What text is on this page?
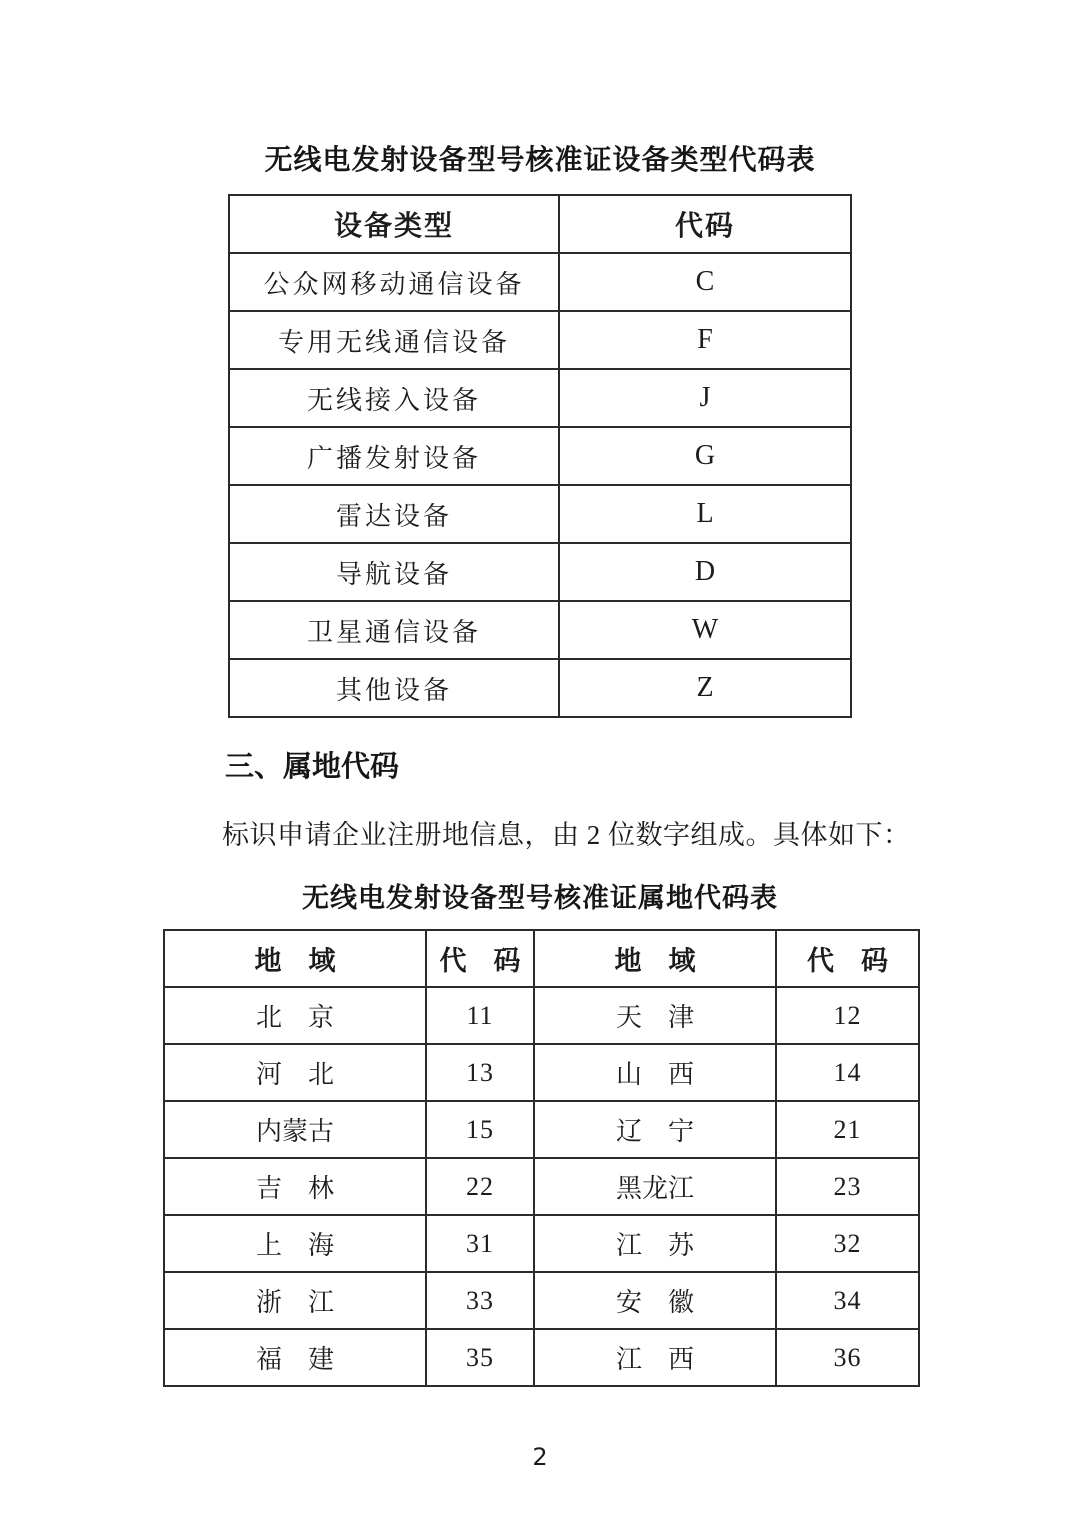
无线电发射设备型号核准证设备类型代码表
设备类型	代码
公众网移动通信设备	C
专用无线通信设备	F
无线接入设备	J
广播发射设备	G
雷达设备	L
导航设备	D
卫星通信设备	W
其他设备	Z
三、属地代码

标识申请企业注册地信息，由 2 位数字组成。具体如下：

无线电发射设备型号核准证属地代码表
地　域	代　码	地　域	代　码
北　京	11	天　津	12
河　北	13	山　西	14
内蒙古	15	辽　宁	21
吉　林	22	黑龙江	23
上　海	31	江　苏	32
浙　江	33	安　徽	34
福　建	35	江　西	36
2
